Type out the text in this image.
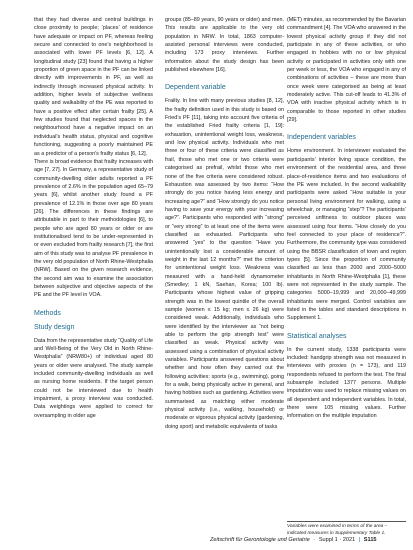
that they had diverse and central buildings in close proximity to people; ‘places’ of residence have adequate or impact on PF, whereas feeling secure and connected to one’s neighborhood is associated with lower PF levels [6, 12]. A longitudinal study [23] found that having a higher proportion of green space in the PF can be linked directly with improvements in PF, as well as indirectly through increased physical activity. In addition, higher levels of subjective wellness quality and walkability of the PE was reported to have a positive effect after certain frailty [25]. A few studies found that neglected spaces in the neighbourhood have a negative impact on an individual's health status, physical and cognitive functioning, suggesting a poorly maintained PE as a predictor of a person's frailty status [6, 12].

There is broad evidence that frailty increases with age [7, 27]. In Germany, a representative study of community-dwelling older adults reported a PF prevalence of 2.6% in the population aged 65–79 years [6], whilst another study found a PF prevalence of 12.1% in those over age 80 years [26]. The differences in these findings are attributable in part to their methodologies [6], to people who are aged 80 years or older or are institutionalised tend to be under-represented in or even excluded from frailty research [7], the first aim of this study was to analyse PF prevalence in the very old population of North Rhine-Westphalia (NRW). Based on the given research evidence, the second aim was to examine the association between subjective and objective aspects of the PE and the PF level in VOA.

Methods
Study design

Data from the representative study “Quality of Life and Well-Being of the Very Old in North Rhine-Westphalia” (NRW80+) of individual aged 80 years or older were analysed. The study sample included community-dwelling individuals as well as nursing home residents. If the target person could not be interviewed due to health impairment, a proxy interview was conducted. Data weightings were applied to correct for oversampling in older age

groups (85–89 years, 90 years or older) and men. This results are applicable to the very old population in NRW. In total, 1863 computer-assisted personal interviews were conducted, including 173 proxy interviews. Further information about the study design has been published elsewhere [16].

Dependent variable

Frailty. In line with many previous studies [8, 12], the frailty definition used in this study is based on Fried’s PF [11], taking into account five criteria of the established Fried frailty criteria [1, 19]: exhaustion, unintentional weight loss, weakness, and low physical activity. Individuals who met three or four of these criteria were classified as frail, those who met one or two criteria were categorised as prefrail, whilst those who met none of the five criteria were considered robust. Exhaustion was assessed by two items: “How strongly do you notice having less energy and increasing age?” and “How strongly do you notice having to save your energy with your increasing age?”. Participants who responded with “strong” or “very strong” to at least one of the items were classified as exhausted. Participants who answered “yes” to the question “Have you unintentionally lost a considerable amount of weight in the last 12 months?” met the criterion for unintentional weight loss. Weakness was measured with a hand-held dynamometer (Smedley; 1 kN, Saehan, Korea; 100 lb). Participants whose highest value of gripping strength was in the lowest quintile of the overall sample (women ≤ 15 kg; men ≤ 26 kg) were considered weak. Additionally, individuals who were identified by the interviewer as “not being able to perform the grip strength test” were classified as weak. Physical activity was assessed using a combination of physical activity variables. Participants answered questions about whether and how often they carried out the following activities: sports (e.g., swimming), going for a walk, being physically active in general, and having hobbies such as gardening. Activities were summarised as matching either moderate physical activity (i.e., walking, household) or moderate or vigorous physical activity (gardening, doing sport) and metabolic equivalents of tasks

(MET) minutes, as recommended by the Bavarian commandment [4]. The VOA who answered in the lowest physical activity group if they did not participate in any of these activities, or who engaged in hobbies with no or low physical activity or participated in activities only with one per week or less, the VOA who engaged in any of combinations of activities – these are more than once week were categorised as being at least moderately active. This cut-off leads to 41.3% of VOA with inactive physical activity which is in comparable to those reported in other studies [29].

Independent variables

Home environment. In interviewer evaluated the participants’ interior living space condition, the environment of the residential area, and three place-of-residence items and two evaluations of the PE were included. In the second walkability participants were asked “How suitable is your personal living environment for walking, using a wheelchair, or managing “step”? The participants’ perceived unfitness to outdoor places was assessed using four items. “How closely do you feel connected to your place of residence?”. Furthermore, the community type was considered using the BBSR classification of town and region types [5]. Since the proportion of community classified as less than 2000 and 2000–5000 inhabitants in North Rhine-Westphalia [1], these were not represented in the study sample. The categories 5000–19,999 and 20,000–49,999 inhabitants were merged. Control variables are listed in the tables and standard descriptions in Supplement 1.

Statistical analyses

In the current study, 1338 participants were included: handgrip strength was not measured in interviews with proxies (n = 173), and 119 respondents refused to perform the test. The final subsample included 1377 persons. Multiple imputation was used to replace missing values on all dependent and independent variables. In total, there were 105 missing values. Further information on the multiple imputation

Variables were examined in terms of the area – indicated measures in Supplementary Table 1.
Zeitschrift für Gerontologie und Geriatrie · Suppl 1 · 2021 | S115
